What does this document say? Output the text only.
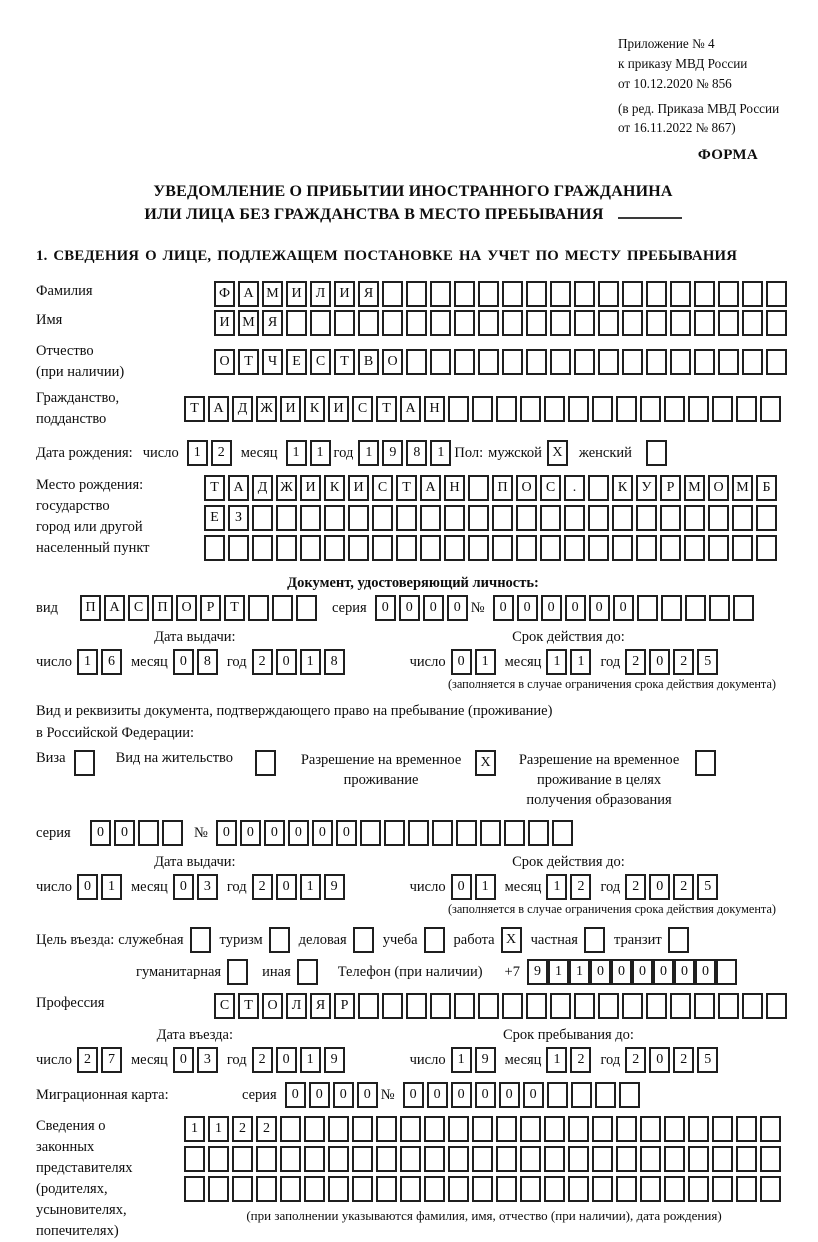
Приложение № 4
к приказу МВД России
от 10.12.2020 № 856
(в ред. Приказа МВД России
от 16.11.2022 № 867)
ФОРМА
УВЕДОМЛЕНИЕ О ПРИБЫТИИ ИНОСТРАННОГО ГРАЖДАНИНА
ИЛИ ЛИЦА БЕЗ ГРАЖДАНСТВА В МЕСТО ПРЕБЫВАНИЯ
1. СВЕДЕНИЯ О ЛИЦЕ, ПОДЛЕЖАЩЕМ ПОСТАНОВКЕ НА УЧЕТ ПО МЕСТУ ПРЕБЫВАНИЯ
Фамилия	Ф А М И	Л	И	Я
Имя	И М Я
Отчество
(при наличии)
О	Т	Ч	Е	С	Т	В	О
Гражданство,
подданство
Т	А	Д Ж И	К	И	С	Т	А Н
Дата рождения: число	1	2	месяц	1	1 год 1	9	8	1 Пол: мужской X	женский
Место рождения:
государство
город или другой
населенный пункт
Т	А	Д Ж И	К	И	С	Т	А Н	П О	С	.	К	У	Р М О М Б
Е	З
Документ, удостоверяющий личность:
вид	П А	С	П О	Р	Т	серия	0	0	0	0 №	0	0	0	0	0	0
Дата выдачи:
число 1	6	месяц 0	8	год 2	0	1	8
Срок действия до:
число 0	1	месяц 1	1	год 2	0	2	5
(заполняется в случае ограничения срока действия документа)
Вид и реквизиты документа, подтверждающего право на пребывание (проживание)
в Российской Федерации:
Виза	Вид на жительство	Разрешение на временное проживание
X	Разрешение на временное проживание в целях получения образования
серия	0	0	№	0	0	0	0	0	0
Дата выдачи:
число 0	1	месяц 0	3	год 2	0	1	9
Срок действия до:
число 0	1	месяц 1	2	год 2	0	2	5
(заполняется в случае ограничения срока действия документа)
Цель въезда: служебная туризм деловая учеба работа X частная транзит
гуманитарная	иная	Телефон (при наличии) +7	9	1	1	0	0	0	0	0	0
Профессия	С	Т	О	Л	Я	Р
Дата въезда:
число 2	7	месяц 0	3	год 2	0	1	9
Срок пребывания до:
число 1	9	месяц 1	2	год 2	0	2	5
Миграционная карта:	серия	0	0	0	0 №	0	0	0	0	0	0
Сведения о
законных
представителях
(родителях,
усыновителях,
попечителях)
1	1	2	2
(при заполнении указываются фамилия, имя, отчество (при наличии), дата рождения)
